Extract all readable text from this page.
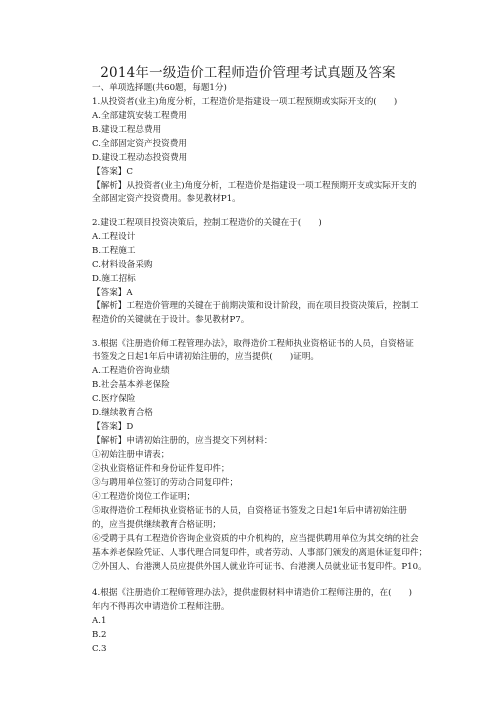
2014年一级造价工程师造价管理考试真题及答案
一、单项选择题(共60题，每题1分)
1.从投资者(业主)角度分析，工程造价是指建设一项工程预期或实际开支的(　　)
A.全部建筑安装工程费用
B.建设工程总费用
C.全部固定资产投资费用
D.建设工程动态投资费用
【答案】C
【解析】从投资者(业主)角度分析，工程造价是指建设一项工程预期开支或实际开支的
全部固定资产投资费用。参见教材P1。
2.建设工程项目投资决策后，控制工程造价的关键在于(　　)
A.工程设计
B.工程施工
C.材料设备采购
D.施工招标
【答案】A
【解析】工程造价管理的关键在于前期决策和设计阶段，而在项目投资决策后，控制工
程造价的关键就在于设计。参见教材P7。
3.根据《注册造价师工程管理办法》，取得造价工程师执业资格证书的人员，自资格证
书签发之日起1年后申请初始注册的，应当提供(　　)证明。
A.工程造价咨询业绩
B.社会基本养老保险
C.医疗保险
D.继续教育合格
【答案】D
【解析】申请初始注册的，应当提交下列材料：
①初始注册申请表；
②执业资格证件和身份证件复印件；
③与聘用单位签订的劳动合同复印件；
④工程造价岗位工作证明；
⑤取得造价工程师执业资格证书的人员，自资格证书签发之日起1年后申请初始注册
的，应当提供继续教育合格证明；
⑥受聘于具有工程造价咨询企业资质的中介机构的，应当提供聘用单位为其交纳的社会
基本养老保险凭证、人事代理合同复印件，或者劳动、人事部门颁发的离退休证复印件；
⑦外国人、台港澳人员应提供外国人就业许可证书、台港澳人员就业证书复印件。P10。
4.根据《注册造价工程师管理办法》，提供虚假材料申请造价工程师注册的，在(　　)
年内不得再次申请造价工程师注册。
A.1
B.2
C.3
